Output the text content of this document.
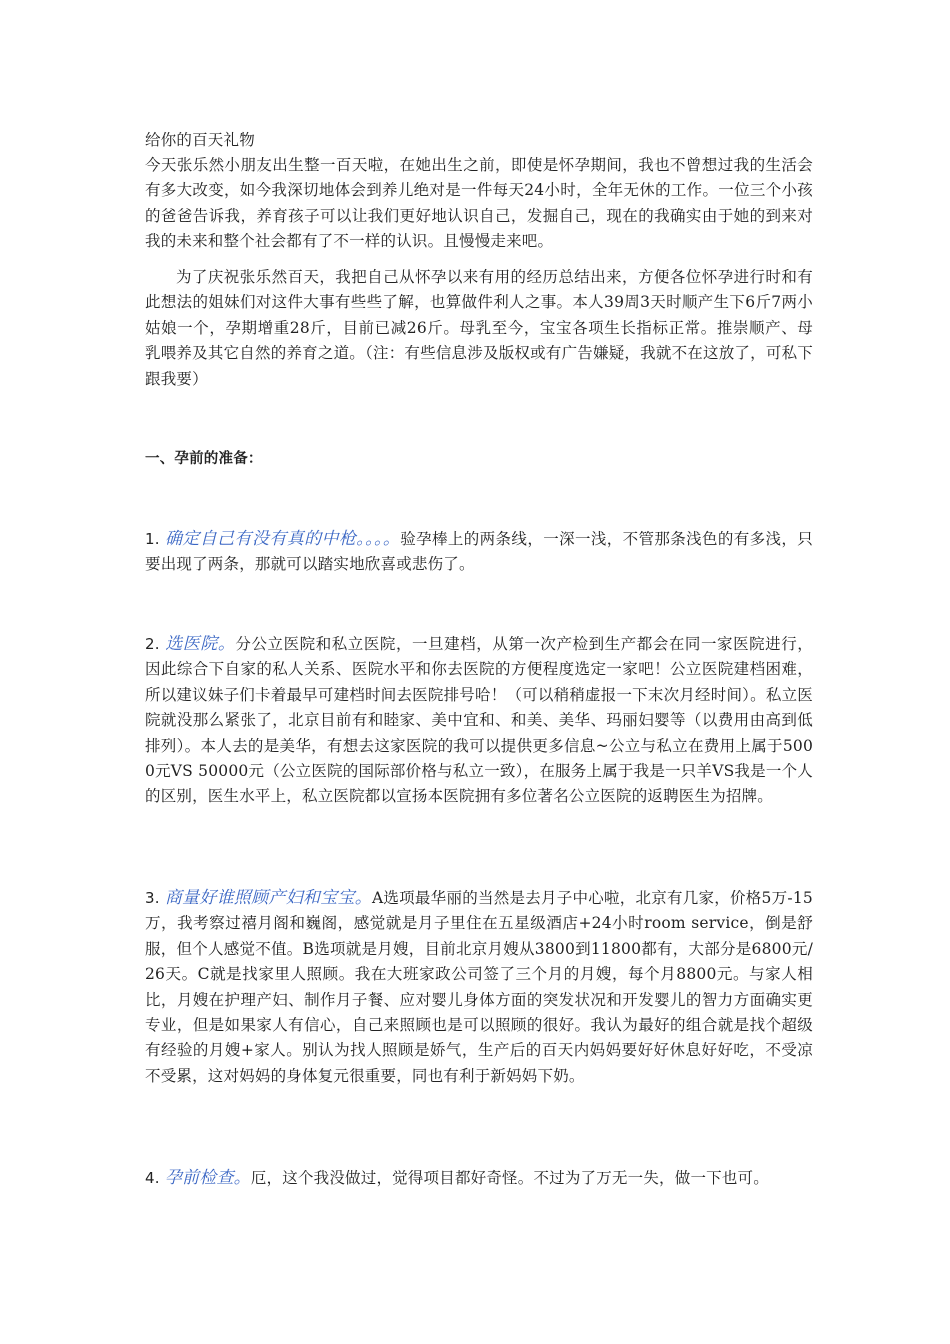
给你的百天礼物
今天张乐然小朋友出生整一百天啦，在她出生之前，即使是怀孕期间，我也不曾想过我的生活会有多大改变，如今我深切地体会到养儿绝对是一件每天24小时，全年无休的工作。一位三个小孩的爸爸告诉我，养育孩子可以让我们更好地认识自己，发掘自己，现在的我确实由于她的到来对我的未来和整个社会都有了不一样的认识。且慢慢走来吧。
为了庆祝张乐然百天，我把自己从怀孕以来有用的经历总结出来，方便各位怀孕进行时和有此想法的姐妹们对这件大事有些些了解，也算做件利人之事。本人39周3天时顺产生下6斤7两小姑娘一个，孕期增重28斤，目前已减26斤。母乳至今，宝宝各项生长指标正常。推崇顺产、母乳喂养及其它自然的养育之道。（注：有些信息涉及版权或有广告嫌疑，我就不在这放了，可私下跟我要）
一、孕前的准备：
1. 确定自己有没有真的中枪。。。。验孕棒上的两条线，一深一浅，不管那条浅色的有多浅，只要出现了两条，那就可以踏实地欣喜或悲伤了。
2. 选医院。分公立医院和私立医院，一旦建档，从第一次产检到生产都会在同一家医院进行，因此综合下自家的私人关系、医院水平和你去医院的方便程度选定一家吧！公立医院建档困难，所以建议妹子们卡着最早可建档时间去医院排号哈！（可以稍稍虚报一下末次月经时间）。私立医院就没那么紧张了，北京目前有和睦家、美中宜和、和美、美华、玛丽妇婴等（以费用由高到低排列）。本人去的是美华，有想去这家医院的我可以提供更多信息~公立与私立在费用上属于5000元VS 50000元（公立医院的国际部价格与私立一致），在服务上属于我是一只羊VS我是一个人的区别，医生水平上，私立医院都以宣扬本医院拥有多位著名公立医院的返聘医生为招牌。
3. 商量好谁照顾产妇和宝宝。A选项最华丽的当然是去月子中心啦，北京有几家，价格5万-15万，我考察过禧月阁和巍阁，感觉就是月子里住在五星级酒店+24小时room service，倒是舒服，但个人感觉不值。B选项就是月嫂，目前北京月嫂从3800到11800都有，大部分是6800元/26天。C就是找家里人照顾。我在大班家政公司签了三个月的月嫂，每个月8800元。与家人相比，月嫂在护理产妇、制作月子餐、应对婴儿身体方面的突发状况和开发婴儿的智力方面确实更专业，但是如果家人有信心，自己来照顾也是可以照顾的很好。我认为最好的组合就是找个超级有经验的月嫂+家人。别认为找人照顾是娇气，生产后的百天内妈妈要好好休息好好吃，不受凉不受累，这对妈妈的身体复元很重要，同也有利于新妈妈下奶。
4. 孕前检查。厄，这个我没做过，觉得项目都好奇怪。不过为了万无一失，做一下也可。
